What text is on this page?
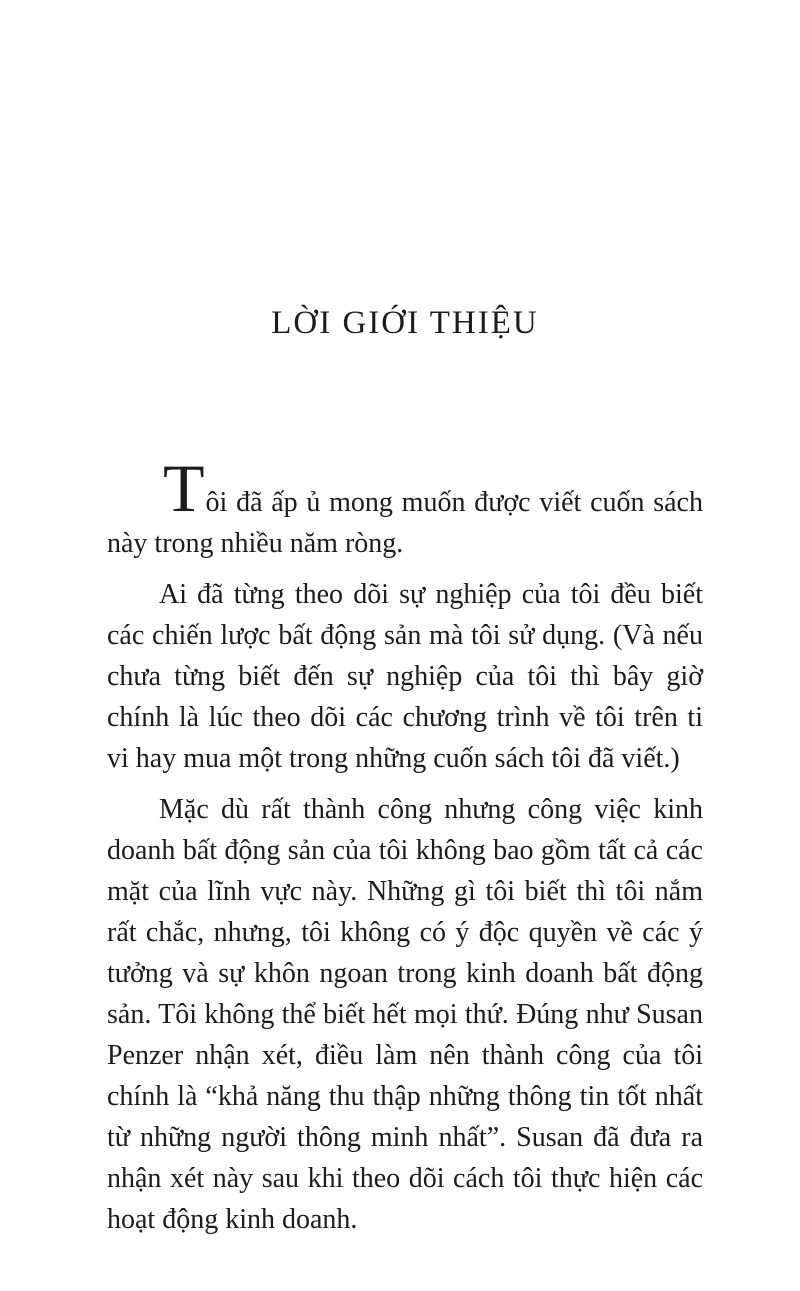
LỜI GIỚI THIỆU

Tôi đã ấp ủ mong muốn được viết cuốn sách này trong nhiều năm ròng.

Ai đã từng theo dõi sự nghiệp của tôi đều biết các chiến lược bất động sản mà tôi sử dụng. (Và nếu chưa từng biết đến sự nghiệp của tôi thì bây giờ chính là lúc theo dõi các chương trình về tôi trên ti vi hay mua một trong những cuốn sách tôi đã viết.)

Mặc dù rất thành công nhưng công việc kinh doanh bất động sản của tôi không bao gồm tất cả các mặt của lĩnh vực này. Những gì tôi biết thì tôi nắm rất chắc, nhưng, tôi không có ý độc quyền về các ý tưởng và sự khôn ngoan trong kinh doanh bất động sản. Tôi không thể biết hết mọi thứ. Đúng như Susan Penzer nhận xét, điều làm nên thành công của tôi chính là “khả năng thu thập những thông tin tốt nhất từ những người thông minh nhất”. Susan đã đưa ra nhận xét này sau khi theo dõi cách tôi thực hiện các hoạt động kinh doanh.
